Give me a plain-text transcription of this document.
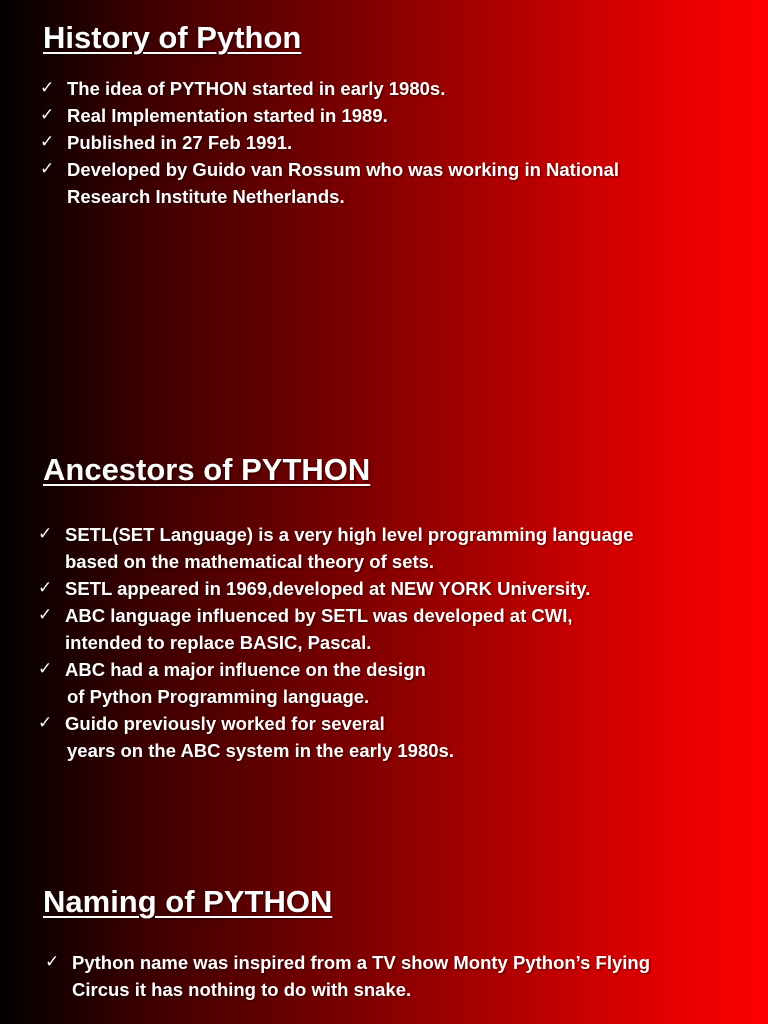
History of Python
✓ The idea of PYTHON started in early 1980s.
✓ Real Implementation started in 1989.
✓ Published in 27 Feb 1991.
✓ Developed by Guido van Rossum who was working in National Research Institute Netherlands.
Ancestors of PYTHON
✓ SETL(SET Language) is a very high level programming language
based on the mathematical theory of sets.
✓ SETL appeared in 1969,developed at NEW YORK University.
✓ ABC language influenced by SETL was developed at CWI,
intended to replace BASIC, Pascal.
✓ ABC had a major influence on the design
of Python Programming language.
✓ Guido previously worked for several
years on the ABC system in the early 1980s.
Naming of PYTHON
✓ Python name was inspired from a TV show Monty Python’s Flying Circus it has nothing to do with snake.
